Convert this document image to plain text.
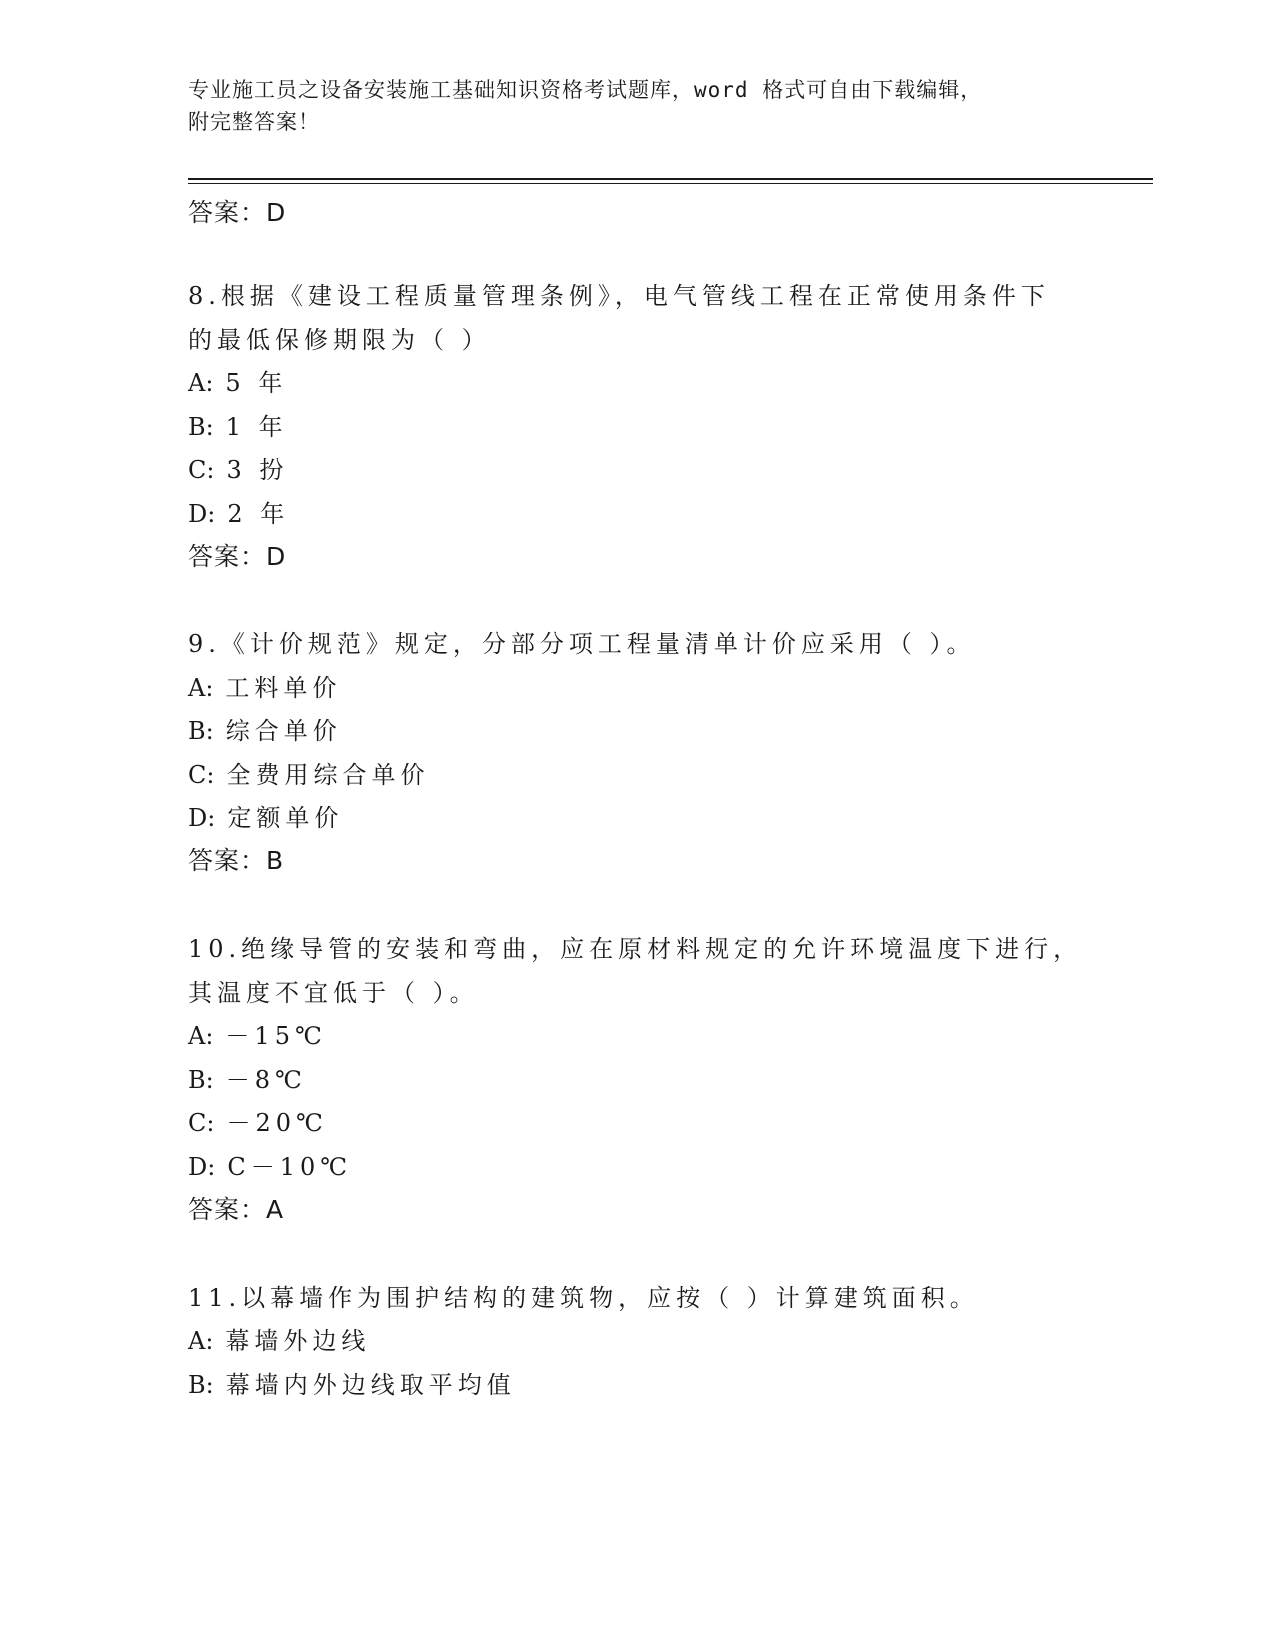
专业施工员之设备安装施工基础知识资格考试题库，word 格式可自由下载编辑，
附完整答案！
答案：D
8.根据《建设工程质量管理条例》，电气管线工程在正常使用条件下
的最低保修期限为（ ）
A: 5 年
B: 1 年
C: 3 扮
D: 2 年
答案：D
9.《计价规范》规定，分部分项工程量清单计价应采用（ ）。
A: 工料单价
B: 综合单价
C: 全费用综合单价
D: 定额单价
答案：B
10.绝缘导管的安装和弯曲，应在原材料规定的允许环境温度下进行，
其温度不宜低于（ ）。
A: －15℃
B: －8℃
C: －20℃
D: C－10℃
答案：A
11.以幕墙作为围护结构的建筑物，应按（ ）计算建筑面积。
A: 幕墙外边线
B: 幕墙内外边线取平均值
